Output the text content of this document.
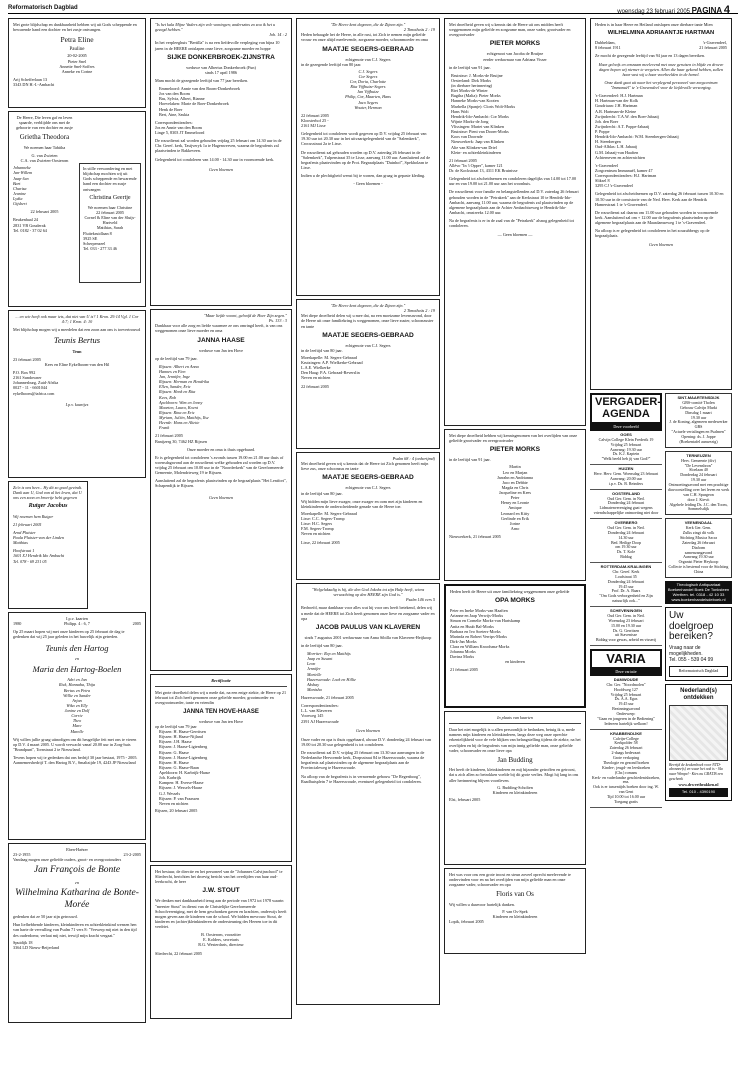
Reformatorisch Dagblad
woensdag 23 februari 2005 PAGINA 4
Met grote blijdschap en dankbaarheid hebben wij uit Gods scheppende en bewarende hand een dochter en het zusje ontvangen.
Petra Eline
Pauline
20-02-2005
Pieter Snel
Annette Snel-Soffres
Anneke en Corine
Arij Schefferlaan 13
3343 DN H.-I.-Ambacht
De Heere, Die leven gaf en leven spaarde, verblijdde ons met de geboorte van een dochter en zusje
Grietha Theodora
We noemen haar Tabitha
G. van Zwieten
C.A. van Zwieten-Oosterom
Johanneke
Jan-Willem
Jaap-Jan
Bart
Charisa
Jeanine
Lydia
Gijsbert
22 februari 2005
Beukenhaal 24
2831 VB Gouderak
Tel. 0182 - 37 02 64
In stille verwondering en met blijdschap mochten wij uit Gods scheppende en bewarende hand een dochter en zusje ontvangen
Christina Geertje
We noemen haar Christine
22 februari 2005
Cornel & Eline van der Sluijs-Hartveld
Matthias, Sarah
Fluitekruidlaan 8
3925 SE
Scherpenzeel
Tel. 033 - 277 33 46
... en wie heeft ook maar iets, dat niet van U is? 1 Kron. 29:14 Vgl. 1 Cor 4:7; 1 Kron. 4: 10
Met blijdschap mogen wij u meedelen dat een zoon aan ons is toevertrouwd
Teunis Bertus
Teun
23 februari 2005
Kees en Eline Eykelboom-van den Hil
P.O. Box 992
2161 Sundowner
Johannesburg, Zuid-Afrika
0027 - 11 - 6601044
eykelboom@iafrica.com
I.p.v. kaartjes
Zo'n is ons heer... Hy dit zo goed gevindt. Dank aan U, God van al het leven, dat U ons een zoon en broertje hebt gegeven
Rutger Jacobus
Wij noemen hem Rutger
21 februari 2005
Arnd Pluister
Paula Pluister-van der Linden
Matthias
Hoofstraat 1
1601 XJ Hendrik Ido Ambacht
Tel. 078 - 69 231 05
I.p.v. kaarten
1980	Philipp. 4 : 6, 7	2005
Op 25 maart hopen wij met onze kinderen op 25 februari de dag te gedenken dat wij 25 jaar geleden in het huwelijk zijn getreden.
Teunis den Hartog
en
Maria den Hartog-Boelen
Adri en Jan
Rick, Hannaha, Thija
Bertus en Petra
Willie en Sander
Arjan
Wiko en Elly
Janine en Dolf
Corrie
Theo
Mare
Marelle
Wij willen jullie graag uitnodigen om dit heugelijke feit met ons te vieren op D.V. 4 maart 2005. U wordt verwacht vanaf 20.00 uur in Zorg-huis "Brandpunt", Tornstraat 2 te Nieuwland.
Tevens hopen wij te gedenken dat ons bedrijf 30 jaar bestaat, 1975 - 2005. Aannemersbedrijf T. den Hartog B.V., Smaltzijde 19, 4243 JP Nieuwland
Eben-Haëzer
23-2-1955	23-2-2005
Vandaag mogen onze geliefde ouders, groot- en overgrootouders
Jan François de Bonte
en
Wilhelmina Katharina de Bonte-Morée
gedenken dat ze 50 jaar zijn getrouwd.
Hun liefhebbende kinderen, kleinkinderen en achterkleinkind wensen hen van harte de vervulling van Psalm 71 vers 8: "Verwerp mij niet in den tijd des ouderdoms; verlaat mij niet, terwijl mijn kracht vergaat."
Spuidijk 18
3364 LD Nieuw-Beijerland
"Is het kala Mijne Vaders zijn vele woningen; anderszins zo zou ik het u gezegd hebben."
Joh. 14 : 2
In het verpleeghuis "Bertilla" is na een liefdevolle verpleging van bijna 10 jaren in de HEERE ontslapen onze lieve, zorgzame moeder en hoppe
SIJKE DONKERBROEK-ZIJNSTRA
weduwe van Albertus Donkerbroek (Fun)
sinds 17 april 1986
Mam mocht de gezegende leeftijd van 77 jaar bereiken.
Emmeloord: Annie van den Boom-Donkerbroek
Jos van den Boom
Bas, Sylvia, Albert, Rianne
Hoevelaken: Marie de Boer-Donkerbroek
Henk de Boer
Bert, Aine, Saskia
Correspondentieadres:
Jos en Annie van den Boom
Linge 5, 8303 JT Emmeloord
De rouwdienst zal worden gehouden vrijdag 25 februari om 14.30 uur in de Chr. Geref. kerk, Tasijveryk 1a te Hagenwerven, waarna de begrafenis zal plaatsvinden te Bakkeveen.
Gelegenheid tot condoleren van 14.00 - 14.30 uur in voornoemde kerk.
Geen bloemen
"Maar liefde woont, geloofd de Hoer Zijn zegen."
Ps. 133 : 3
Dankbaar voor alle zorg en liefde waarmee ze ons omringd heeft, is van ons weggenomen onze lieve moeder en oma
JANNA HAASE
weduwe van Jan ten Hove
op de leeftijd van 79 jaar.
Rijssen: Albert en Anna
Hannes en Fien
Jan, Jennifer, Inge
Rijssen: Herman en Hendrika
Ellen, Sander, Eric
Rijssen: Henk en Rita
Kees, Rob
Apeldoorn: Wim en Jenny
Maarten, Laura, Koent
Rijssen: Rina en Eric
Myriam, Juliën, Matthijs, Ilse
Heerde: Hans en Aliette
Frank
21 februari 2005
Banijzerg 30, 7462 HZ Rijssen
Onze moeder en oma is thuis opgebaard.
Er is gelegenheid tot condoleren 's avonds tussen 19.00 en 21.00 uur thuis of woensdagavond aan de rouwdienst welke gehouden zal worden op D.V. vrijdag 25 februari om 10.00 uur in de "Noorderkerk" van de Gereformeerde Gemeente, Molendrieweg 19 te Rijssen.
Aansluitend zal de begrafenis plaatsvinden op de begraafplaats "Het Lentfort", Schapendijk te Rijssen.
Geen bloemen
Rectificatie
Met grote droefheid delen wij u mede dat, na een enige ziekte, de Heere op 21 februari tot Zich heeft genomen onze geliefde moeder, grootmoeder en overgrootmoeder, tante en vriendin
JANNA TEN HOVE-HAASE
weduwe van Jan ten Hove
op de leeftijd van 79 jaar
Rijssen: H. Haase-Gerritsen
Rijssen: H. Haase-Nijland
Rijssen: J.H. Haase
Rijssen: J. Haase-Ligtenberg
Rijssen: G. Haase
Rijssen: J. Haase-Ligtenberg
Rijssen: H. Haase
Rijssen: G. Haase-Baan
Apeldoorn: H. Karbrijk-Haase
Joh. Karbrijk
Kampen: H. Everse-Haase
Rijssen: J. Wessels-Haase
G.J. Wessels
Rijssen: P. van Fraassen
Neven en nichten
Rijssen, 20 februari 2005
Het bestuur, de directie en het personeel van de "Johannes Calvijnschool" te Sliedrecht, berichten het droevig bericht van het overlijden van haar oud-leerkracht, de heer
J.W. STOUT
We denken met dankbaarheid terug aan de periode van 1972 tot 1978 waarin "meester Stout" in dienst van de Christelijke Gereformeerde Schoolvereniging, met de hem geschonken gaven en krachten, onderwijs heeft mogen geven aan de kinderen van de school. We bidden mevrouw Stout, de kinderen en (achter)kleinkinderen de ondersteuning des Heeren toe in dit verdriet.
B. Oosterom, voorzitter
E. Kolders, secretaris
R.G. Westerdaris, directeur
Sliedrecht, 22 februari 2005
"De Heere kent degenen, die de Zijnen zijn."
2 Timotheüs 2 : 19
Heden behaagde het de Heere, in alle rust, tot Zich te nemen mijn geliefde vrouw en onze altijd meelevende, zorgzame moeder, schoonmoeder en oma
MAATJE SEGERS-GEBRAAD
echtgenote van C.J. Segers
in de gezegende leeftijd van 80 jaar.
C.J. Segers
Cor Segers
Cor, Doria, Charlotte
Rita Vijfhuize-Segers
Jan Vijfhuize
Philip, Cor, Maarten, Hans
Jaco Segers
Wouter, Herman
22 februari 2005
Kloosterhof 25 -
2161 MJ Lisse
Gelegenheid tot condoleren wordt gegeven op D.V. vrijdag 25 februari van 19.30 uur tot 20.30 uur in het uitvaartgelegenheid van de "Salemkerk", Crocusstraat 2a te Lisse.
De rouwdienst zal gehouden worden op D.V. zaterdag 26 februari in de "Salemkerk", Tulpenstraat 35 te Lisse, aanvang 11.00 uur. Aansluitend zal de begrafenis plaatsvinden op de Prot. Begraafplaats "Duinhof", Spekholzan te Lisse.
Indien u de plechtigheid wenst bij te wonen, dan graag in gepaste kleding.
- Geen bloemen -
"De Heere kent degenen, die de Zijnen zijn."
2 Timotheüs 2 : 19
Met diepe droefheid delen wij u mee dat, na een moeizame levensavond, door de Heere uit onze familiekring is weggenomen, onze lieve zuster, schoonzuster en tante
MAATJE SEGERS-GEBRAAD
echtgenote van C.J. Segers
in de leeftijd van 80 jaar.
Moerkapelle: M. Segers-Gebraad
Krutzingen: A.P. Wielkerke-Gebraad
L.A.E. Wielkerke
Den Haag: P.A. Gebraad-Reverslin
Neven en nichten
22 februari 2005
Psalm 68 : 4 (onberijmd)
Met droefheid geven wij u kennis dat de Heere tot Zich genomen heeft mijn lieve zus, onze schoonzus en tante
MAATJE SEGERS-GEBRAAD
echtgenote van C.J. Segers
in de leeftijd van 80 jaar.
Wij bidden mijn lieve zwager, onze zwager en oom met zijn kinderen en kleinkinderen de onderscheidende genade van de Heere toe.
Moerkapelle: M. Segers-Gebraad
Lisse: C.C. Segers-Tromp
Lisse: H.C. Segers
F.M. Segers-Tromp
Neven en nichten
Lisse, 22 februari 2005
"Welgelukzalig is hij, die den God Jakobs tot zijn Hulp heeft, wiens verwachting op den HEERE zijn God is."
Psalm 146 vers 5
Bedroefd, maar dankbaar voor alles wat hij voor ons heeft betekend, delen wij u mede dat de HEERE tot Zich heeft genomen onze lieve en zorgzame vader en opa
JACOB PAULUS VAN KLAVEREN
sinds 7 augustus 2001 weduwnaar van Anna Sibilla van Klaveren-Heijkoop
in de leeftijd van 80 jaar.
Morriter: Rep en Matthijs
Jaap en Susant
Leon
Jennifer
Marielle
Hazerswoude: Loek en Hillie
Akshay
Manisha
Hazerswoude, 21 februari 2005
Correspondentieadres:
L.L. van Klaveren
Voorweg 145
2391 AJ Hazerswoude
Geen bloemen
Onze vader en opa is thuis opgebaard, alwaar D.V. donderdag 24 februari van 19.00 tot 20.30 uur gelegenheid is tot condoleren.
De rouwdienst zal D.V. vrijdag 25 februari om 13.30 uur aanvangen in de Nederlandse Hervormde kerk, Dorpsstraat 84 te Hazerswoude, waarna de begrafenis zal plaatsvinden op de algemene begraafplaats aan de Provincialeweg te Hazerswoude.
Na afloop van de begrafenis is in vernoemde gebouw "De Regenboog", Raadhuisplein 7 te Hazerswoude, eventueel gelegenheid tot condoleren.
Met droefheid geven wij u kennis dat de Heere uit ons midden heeft weggenomen mijn geliefde en zorgzame man, onze vader, grootvader en overgrootvader
PIETER MORKS
echtgenoot van Jacoba de Bruijne
eerder weduwnaar van Adriana Visser
in de leeftijd van 91 jaar.
Bruinisse: J. Morks-de Bruijne
Oesterland: Dirk Morks
(in dierbare herinnering)
Riet Morks-de Winter
Bugtha (Malta): Pieter Morks
Hanneke Morks-van Kooten
Marbella (Spanje): Cloris Wolt-Morks
Hans Wolt
Hendrik-Ido-Ambacht: Cor Morks
Wijnte Morks-de Jong
Vlissingen: Mariet van Klinken
Bruinisse: Pieni van Doorn-Morks
Koos van Doornde
Nieuwerkerk: Jaap van Klinken
Alie van Klinken-van Driel
Klein- en achterkleinkinderen
21 februari 2005
Allévo "In 't Opper", kamer 121
Dr. de Kockstraat 13, 4311 EK Bruinisse
Gelegenheid tot afscheidnemen en condoleren dagelijks van 14.00 tot 17.00 uur en van 19.00 tot 21.00 uur aan het woonhuis.
De rouwdienst voor familie en belangstellenden zal D.V. zaterdag 26 februari gehouden worden in de "Petrakerk" aan de Kerkstraat 10 te Hendrik-Ido-Ambacht, aanvang 11.00 uur, waarna de begrafenis zal plaatsvinden op de algemene begraafplaats aan de Achter Ambachtseweg te Hendrik-Ido-Ambacht, omstreeks 12.00 uur.
Na de begrafenis is er in de zaal van de "Petrakerk" alsnog gelegenheid tot condoleren.
— Geen bloemen —
Met diepe droefheid hebben wij kennisgenomen van het overlijden van onze geliefde grootvader en overgrootvader
PIETER MORKS
in de leeftijd van 91 jaar.
Martin
Leo en Marjan
Jarrahn en Andrianna
Jaco en Debbie
Magda en Chris
Jacqueline en Kees
Peter
Henry en Leonie
Amique
Leonard en Kitty
Gerlinde en Erik
Jorine
Arno
Nieuwerkerk, 21 februari 2005
Heden heeft de Heere uit onze familiekring weggenomen onze geliefde
OPA MORKS
Peter en Ineke Morks-van Haaften
Arianne en Jaap Verwijs-Morks
Simon en Cornelie Morks-van Hartskamp
Anita en Huub Bal-Morks
Barbara en Ivo Soeters-Morks
Marinda en Robert Verrips-Morks
Dirk-Jan Morks
Clara en William Kroodsma-Morks
Johanna Morks
Davina Morks
en kinderen
21 februari 2005
In plaats van kaarten
Daar het niet mogelijk is u allen persoonlijk te bedanken, betuig ik u, mede namens mijn kinderen en kleinkinderen, langs deze weg onze oprechte erkentelijkheid voor de vele blijken van belangstelling tijdens de ziekte, na het overlijden en bij de begrafenis van mijn innig geliefde man, onze geliefde vader, schoonvader en onze lieve opa
Jan Budding
Het heeft de kinderen, kleinkinderen en mij bijzonder getroffen en getroost, dat u zich allen zo betrokken voelde bij dit grote verlies. Mogt hij lang in ons aller herinnering blijven voortleven.
G. Budding-Scholten
Kinderen en kleinkinderen
Elst, februari 2005
Het was voor ons een grote troost en steun zoveel oprecht meelevende te ondervinden voor en na het overlijden van mijn geliefde man en onze zorgzame vader, schoonvader en opa
Floris van Os
Wij willen u daarvoor hartelijk danken.
P. van Os-Spek
Kinderen en kleinkinderen
Lopik, februari 2005
Heden is in haar Heere en Heiland ontslapen onze dierbare tante Mien
WILHELMINA ADRIAANTJE HARTMAN
Dubbeldam,
8 februari 1911
's-Gravendeel,
21 februari 2005
Ze mocht de gezegende leeftijd van 94 jaar en 13 dagen bereiken.
Haar geloofs en eenzaam meelevend met onze geruisen in blijde en droeve dagen hopen wij niemer te vergeten. Allen die haar gekend hebben, zullen haar vast wij u haar voorbeelden in de hemel.
Onze dank gaat uit naar het verplegend personeel van zorgcentrum "Immanuël" te 's-Gravendeel voor de liefdevolle verzorging.
's-Gravendeel: H.J. Hartman
H. Hartman-van der Kolk
Goudriaan: J.H. Hartman
A.R. Hartman-de Kleine
Zwijndrecht: T.A.W. den Boer-Jabaaij
Joh. den Boer
Zwijndrecht: A.T. Poppe-Jabaaij
P. Poppe
Hendrik-Ido-Ambacht: W.M. Steenbergen-Jabaaij
H. Steenbergen
Oud-Alblas: L.H. Jabaaij
G.M. Jabaaij-van Haaften
Achterneven en achternichten
's-Gravendeel
Zorgcentrum Immanuël, kamer 47
Correspondentieadres: H.J. Hartman
Sliksel 8
3295 CJ 's-Gravendeel
Gelegenheid tot afscheidnemen op D.V. zaterdag 26 februari tussen 10.30 en 10.50 uur in de consistorie van de Ned. Herv. Kerk aan de Hendrik Hamerstraat 1 te 's-Gravendeel.
De rouwdienst zal daarna om 11.00 uur gehouden worden in voornoemde kerk. Aansluitend zal om + 12.00 uur de begrafenis plaatsvinden op de algemene begraafplaats aan de Maasdamseweg 1 te 's-Gravendeel.
Na afloop is er gelegenheid tot condoleren in het zouzuhbergy op de begraafplaats.
Geen bloemen
VERGADER-AGENDA
Deze voorbeeld
GOES
Calvijn College Klein Frederik 19
Vrijdag 25 februari
Aanvang: 19.30 uur
Ds. K.J. Kaptein
"Welk beeld heb jij van God?"
HUIZEN
Herv. Herv. Gem. Woensdag 23 februari
Aanvang: 20.00 uur
i.p.v. Ds. B. Reinders
OOSTERLAND
Oud Ger. Gem. in Ned.
Donderdag 24 februari
Lidmatenvereniging gaat wegens vriendschappelijke ontmoeting niet door
OVERBERG
Oud Ger. Gem. in Ned.
Donderdag 24 februari
14.30 uur
Bed. Heilige Doop
om 19.30 uur
Ds. T. Kole
Biddag
ROTTERDAM-KRALINGEN
Chr. Geref. Kerk
Loufstraat 35
Donderdag 24 februari
19.45 uur
Prof. Dr. A. Baars
"Om Gods verborgenheid en Zijn natuurlijk ook..."
SCHEVENINGEN
Oud Ger. Gem. in Ned.
Woensdag 23 februari
15.00 en 19.30 uur
Ds. G. Gerritsen
uit Stavenisse
Biddag voor gewas, arbeid en visserij
VARIA
Deze variatie
DAMWOUDE
Chr. Ger. "Noordmolen"
Hoofdweg 127
Vrijdag 25 februari
Ds. A.A. Egas
19.45 uur
Bezinningsavond
Onderwerp:
"Gaan en jongeren in de Bediening"
Iedereen hartelijk welkom!
KRABBENDIJKE
Calvijn-College
Kerkpolder 58
Zaterdag 26 februari
2-daags bedevaart
Grote verkoping
Theologie en gezond boeken
Kinder-, jeugd- en leesboeken
(Chr.) romans
Kerk- en vaderlandse geschiedenisboeken, enz.
Ook is er tussentijds boeken door ing. W. van Gent
Tijd 10.00 tot 16.00 uur
Toegang gratis
SINT-MAARTENSDIJK
GBS-comité Tholen
Gebouw Calvijn Markt
Dinsdag 1 maart
19.30 uur
J. de Koning, algemeen medewerker GBS
"Actuele vertalingen en Psalmen"
Opening: ds. J. Joppe
(Boekentafel aanwezig)
TERNEUZEN
Herv. Gemeente (div)
"De Levensbron"
Sloelaan 40
Donderdag 24 februari
19.30 uur
Ontmoetingsavond met een prachtige diavoorstelling over het leven en werk van C.H. Spurgeon
door J. Kievit
Algehele leiding Ds. J.C. den Toom, Sommelsdijk
VEENENDAAL
Kerk Ger. Gem.
Zulks zingt dit volk
Stichting Musica Sacra
Zaterdag 26 februari
Diaform
samenzangavond
Aanvang 19.30 uur
Organist Pieter Heykoop
Collecte is bestemd voor de Stichting China
Theologisch Antiquariaat
Boekenhandel Boek De Tonksteen
Werthen. tel. 0318 - 42 10 33
www.boekenhandelsdeboek.nl
Uw doelgroep bereiken?
Vraag naar de mogelijkheden.
Tel. 055 - 539 04 99
Reformatorisch Dagblad
Nederland(s) ontdekken
Bevrijd de keukenboek voor NTD-abonnee(s) en waar het ook is - Sla naar Wimpel - Kies nu GRATIS een geschenk
www.drwertheakken.nl
Tel. 010 - 4390190
